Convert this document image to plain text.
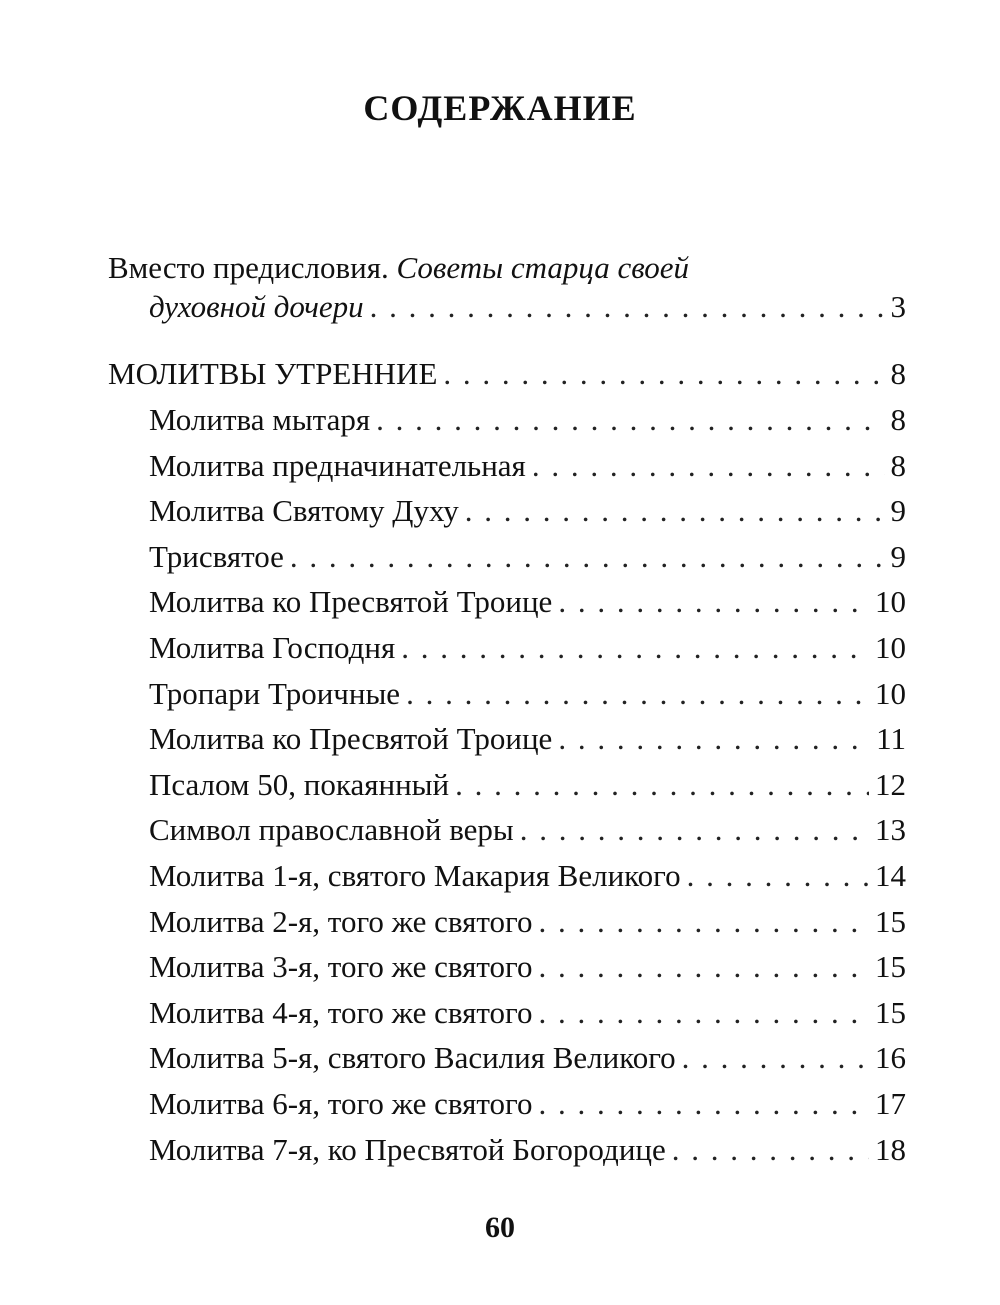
СОДЕРЖАНИЕ
Вместо предисловия. Советы старца своей
духовной дочери . . .	3
МОЛИТВЫ УТРЕННИЕ . . .	8
Молитва мытаря . . .	8
Молитва предначинательная . . .	8
Молитва Святому Духу . . .	9
Трисвятое . . .	9
Молитва ко Пресвятой Троице . . .	10
Молитва Господня . . .	10
Тропари Троичные . . .	10
Молитва ко Пресвятой Троице . . .	11
Псалом 50, покаянный . . .	12
Символ православной веры . . .	13
Молитва 1-я, святого Макария Великого . . .	14
Молитва 2-я, того же святого . . .	15
Молитва 3-я, того же святого . . .	15
Молитва 4-я, того же святого . . .	15
Молитва 5-я, святого Василия Великого . . .	16
Молитва 6-я, того же святого . . .	17
Молитва 7-я, ко Пресвятой Богородице . . .	18
60
